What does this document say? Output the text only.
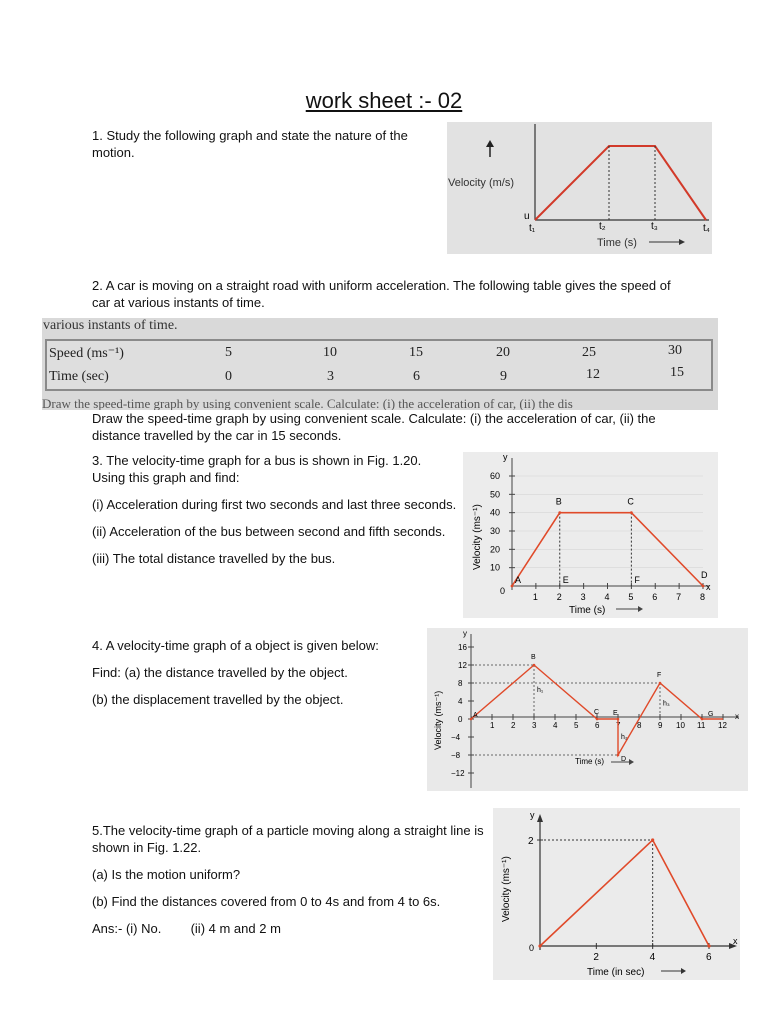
work sheet :- 02

1. Study the following graph and state the nature of the motion.

Velocity (m/s)
u
t₁	t₂	t₃	t₄
Time (s)

2. A car is moving on a straight road with uniform acceleration. The following table gives the speed of car at various instants of time.

various instants of time.
Speed (ms⁻¹)	5	10	15	20	25	30
Time (sec)	0	3	6	9	12	15
Draw the speed-time graph by using convenient scale. Calculate: (i) the acceleration of car, (ii) the dis

Draw the speed-time graph by using convenient scale. Calculate: (i) the acceleration of car, (ii) the distance travelled by the car in 15 seconds.

3. The velocity-time graph for a bus is shown in Fig. 1.20. Using this graph and find:

(i) Acceleration during first two seconds and last three seconds.

(ii) Acceleration of the bus between second and fifth seconds.

(iii) The total distance travelled by the bus.

y
x
0
Velocity (ms⁻¹)
Time (s)
10
20
30
40
50
60
1 2 3 4 5 6 7 8
A
B	C
D
E	F

4. A velocity-time graph of a object is given below:

Find: (a) the distance travelled by the object.

(b) the displacement travelled by the object.

y
x
Velocity (ms⁻¹)
Time (s)
16
12
8
4
0
−4
−8
−12
1 2 3 4 5 6 7 8 9 10 11 12
A
B
C E
D
F
G
h₁
h₂
h₃

5.The velocity-time graph of a particle moving along a straight line is shown in Fig. 1.22.

(a) Is the motion uniform?

(b) Find the distances covered from 0 to 4s and from 4 to 6s.

Ans:- (i) No. (ii) 4 m and 2 m

y
x
0
Velocity (ms⁻¹)
Time (in sec)
2	4	6
2
